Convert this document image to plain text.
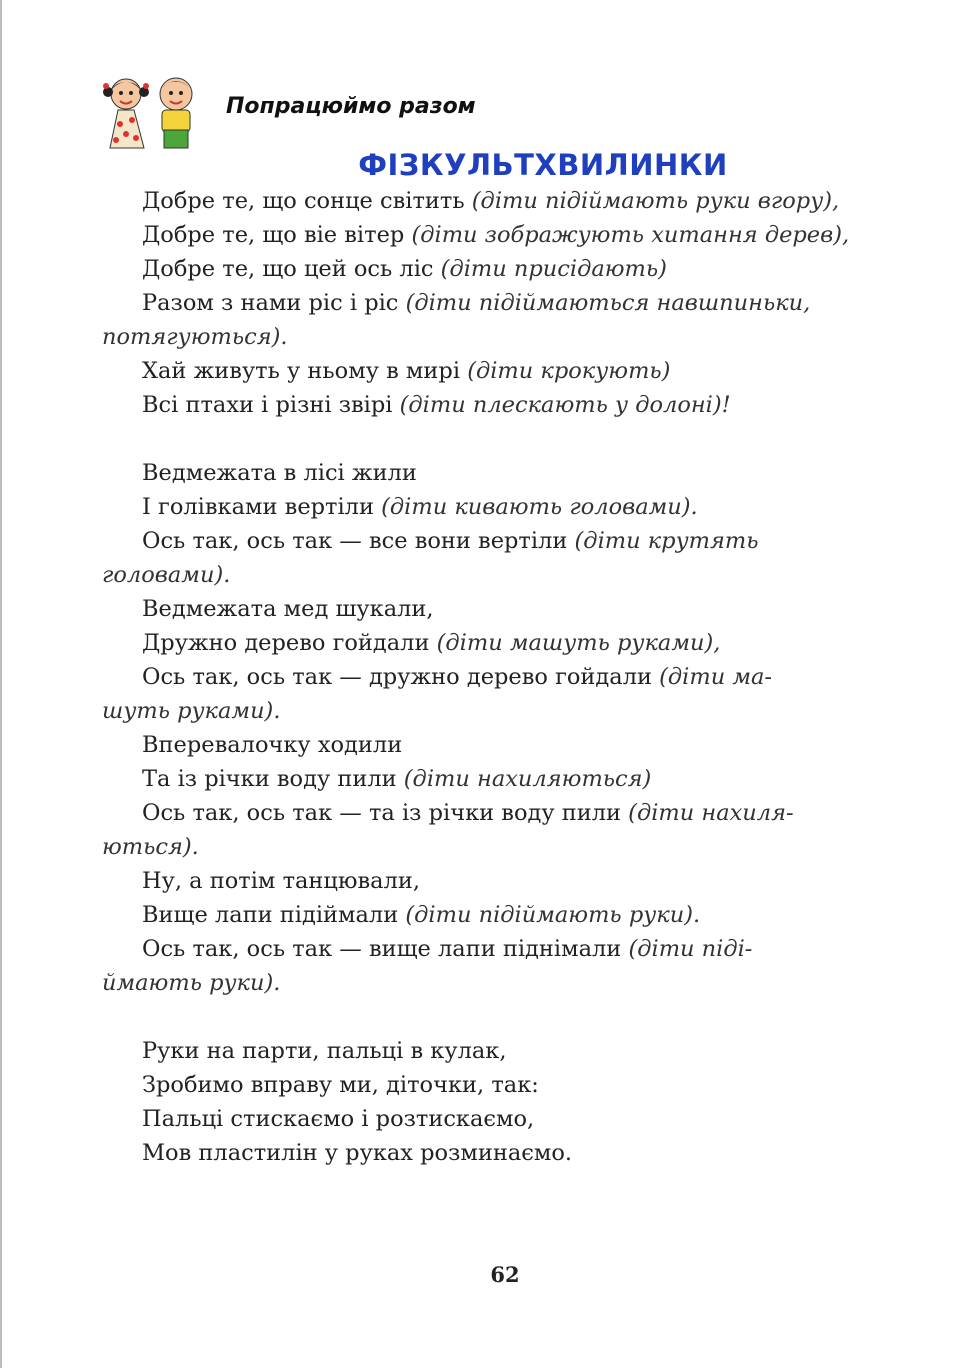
Попрацюймо разом
ФІЗКУЛЬТХВИЛИНКИ
Добре те, що сонце світить (діти підіймають руки вгору),
Добре те, що віе вітер (діти зображують хитання дерев),
Добре те, що цей ось ліс (діти присідають)
Разом з нами ріс і ріс (діти підіймаються навшпиньки,
потягуються).
Хай живуть у ньому в мирі (діти крокують)
Всі птахи і різні звірі (діти плескають у долоні)!
Ведмежата в лісі жили
І голівками вертіли (діти кивають головами).
Ось так, ось так — все вони вертіли (діти крутять
головами).
Ведмежата мед шукали,
Дружно дерево гойдали (діти машуть руками),
Ось так, ось так — дружно дерево гойдали (діти ма-
шуть руками).
Вперевалочку ходили
Та із річки воду пили (діти нахиляються)
Ось так, ось так — та із річки воду пили (діти нахиля-
ються).
Ну, а потім танцювали,
Вище лапи підіймали (діти підіймають руки).
Ось так, ось так — вище лапи піднімали (діти піді-
ймають руки).
Руки на парти, пальці в кулак,
Зробимо вправу ми, діточки, так:
Пальці стискаємо і розтискаємо,
Мов пластилін у руках розминаємо.
62
